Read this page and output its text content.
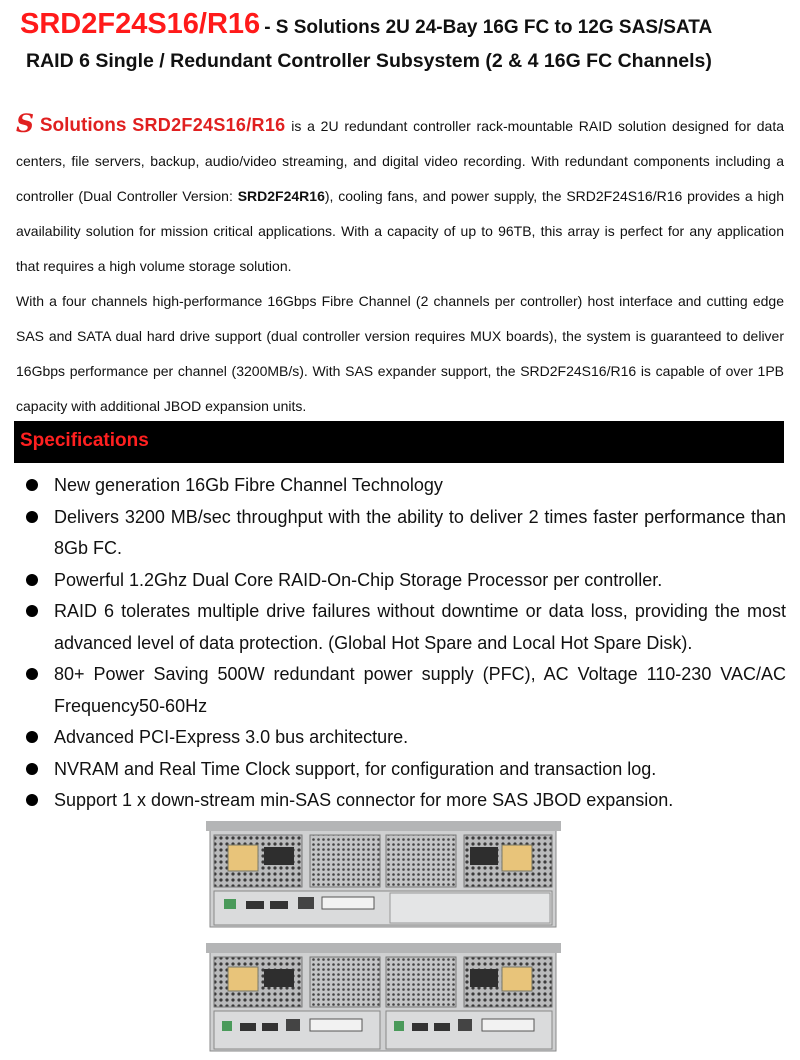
SRD2F24S16/R16 - S Solutions 2U 24-Bay 16G FC to 12G SAS/SATA
RAID 6 Single / Redundant Controller Subsystem (2 & 4 16G FC Channels)

S Solutions SRD2F24S16/R16 is a 2U redundant controller rack-mountable RAID solution designed for data centers, file servers, backup, audio/video streaming, and digital video recording. With redundant components including a controller (Dual Controller Version: SRD2F24R16), cooling fans, and power supply, the SRD2F24S16/R16 provides a high availability solution for mission critical applications. With a capacity of up to 96TB, this array is perfect for any application that requires a high volume storage solution.

With a four channels high-performance 16Gbps Fibre Channel (2 channels per controller) host interface and cutting edge SAS and SATA dual hard drive support (dual controller version requires MUX boards), the system is guaranteed to deliver 16Gbps performance per channel (3200MB/s). With SAS expander support, the SRD2F24S16/R16 is capable of over 1PB capacity with additional JBOD expansion units.

Specifications
New generation 16Gb Fibre Channel Technology
Delivers 3200 MB/sec throughput with the ability to deliver 2 times faster performance than 8Gb FC.
Powerful 1.2Ghz Dual Core RAID-On-Chip Storage Processor per controller.
RAID 6 tolerates multiple drive failures without downtime or data loss, providing the most advanced level of data protection. (Global Hot Spare and Local Hot Spare Disk).
80+ Power Saving 500W redundant power supply (PFC), AC Voltage 110-230 VAC/AC Frequency50-60Hz
Advanced PCI-Express 3.0 bus architecture.
NVRAM and Real Time Clock support, for configuration and transaction log.
Support 1 x down-stream min-SAS connector for more SAS JBOD expansion.
